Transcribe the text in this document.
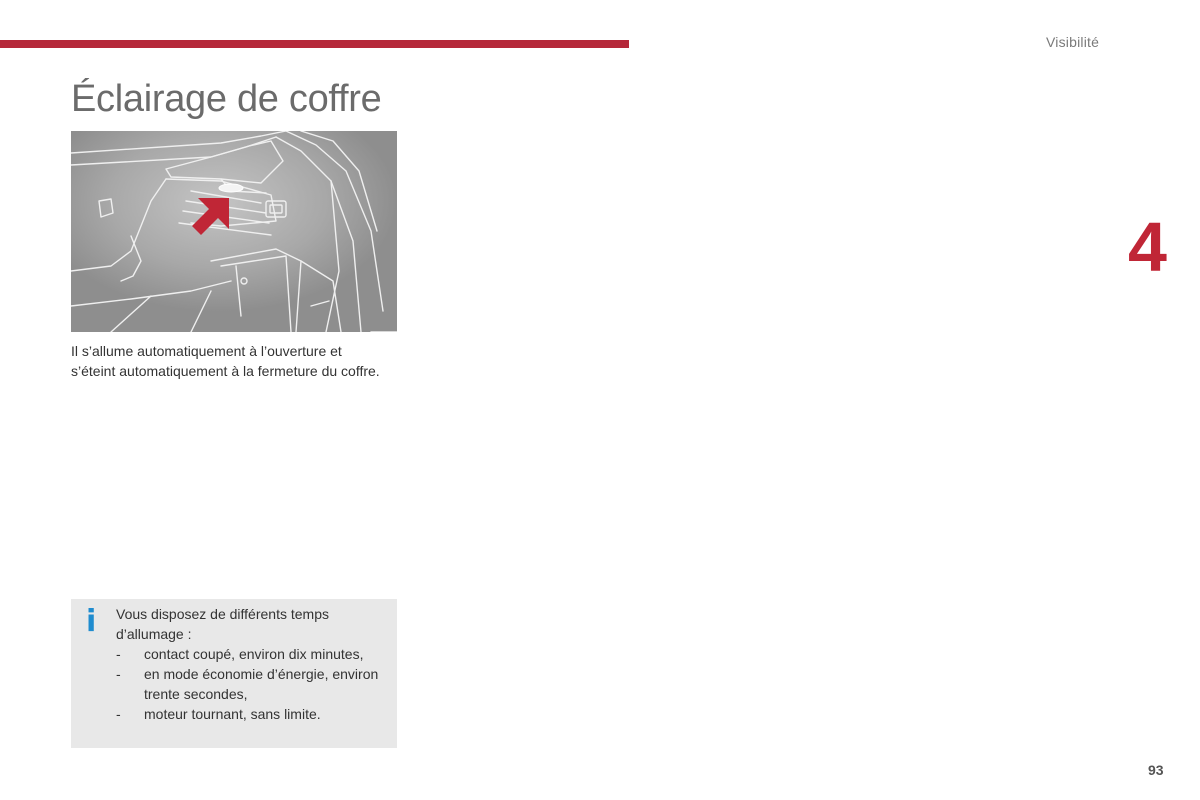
Visibilité
4
Éclairage de coffre

Il s’allume automatiquement à l’ouverture et s’éteint automatiquement à la fermeture du coffre.

i Vous disposez de différents temps d’allumage :

- contact coupé, environ dix minutes,
- en mode économie d’énergie, environ trente secondes,
- moteur tournant, sans limite.
93
